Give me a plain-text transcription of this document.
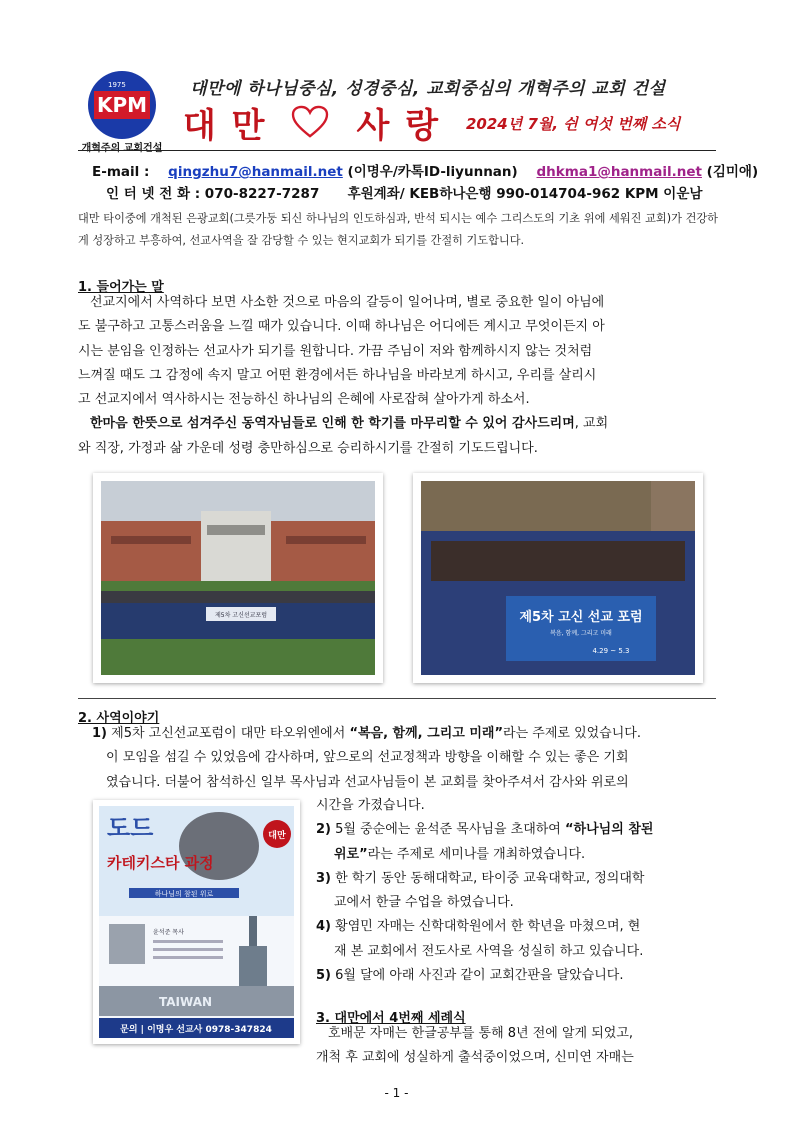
KPM
1975
개혁주의 교회건설
대만에 하나님중심, 성경중심, 교회중심의 개혁주의 교회 건설
대 만	사 랑 2024년 7월, 쉰 여섯 번째 소식
E-mail : qingzhu7@hanmail.net (이명우/카톡ID-liyunnan) dhkma1@hanmail.net (김미애)
인 터 넷 전 화 : 070-8227-7287 후원계좌/ KEB하나은행 990-014704-962 KPM 이운남
대만 타이중에 개척된 은광교회(그릇가둥 되신 하나님의 인도하심과, 반석 되시는 예수 그리스도의 기초 위에 세워진 교회)가 건강하게 성장하고 부흥하여, 선교사역을 잘 감당할 수 있는 현지교회가 되기를 간절히 기도합니다.
1. 들어가는 말
선교지에서 사역하다 보면 사소한 것으로 마음의 갈등이 일어나며, 별로 중요한 일이 아님에
도 불구하고 고통스러움을 느낄 때가 있습니다. 이때 하나님은 어디에든 계시고 무엇이든지 아
시는 분임을 인정하는 선교사가 되기를 원합니다. 가끔 주님이 저와 함께하시지 않는 것처럼
느껴질 때도 그 감정에 속지 말고 어떤 환경에서든 하나님을 바라보게 하시고, 우리를 살리시
고 선교지에서 역사하시는 전능하신 하나님의 은혜에 사로잡혀 살아가게 하소서.
한마음 한뜻으로 섬겨주신 동역자님들로 인해 한 학기를 마무리할 수 있어 감사드리며, 교회
와 직장, 가정과 삶 가운데 성령 충만하심으로 승리하시기를 간절히 기도드립니다.
제5차 고신선교포럼	제5차 고신 선교 포럼
복음, 함께, 그리고 미래
4.29 ~ 5.3
2. 사역이야기
1) 제5차 고신선교포럼이 대만 타오위엔에서 “복음, 함께, 그리고 미래”라는 주제로 있었습니다.
이 모임을 섬길 수 있었음에 감사하며, 앞으로의 선교정책과 방향을 이해할 수 있는 좋은 기회
였습니다. 더불어 참석하신 일부 목사님과 선교사님들이 본 교회를 찾아주셔서 감사와 위로의
도드	대만
카테키스타 과정
하나님의 참된 위로
윤석준 목사
TAIWAN
문의 | 이명우 선교사 0978-347824
시간을 가졌습니다.
2) 5월 중순에는 윤석준 목사님을 초대하여 “하나님의 참된
위로”라는 주제로 세미나를 개최하였습니다.
3) 한 학기 동안 동해대학교, 타이중 교육대학교, 정의대학
교에서 한글 수업을 하였습니다.
4) 황염민 자매는 신학대학원에서 한 학년을 마쳤으며, 현
재 본 교회에서 전도사로 사역을 성실히 하고 있습니다.
5) 6월 달에 아래 사진과 같이 교회간판을 달았습니다.
3. 대만에서 4번째 세례식
호배문 자매는 한글공부를 통해 8년 전에 알게 되었고,
개척 후 교회에 성실하게 출석중이었으며, 신미연 자매는
- 1 -
